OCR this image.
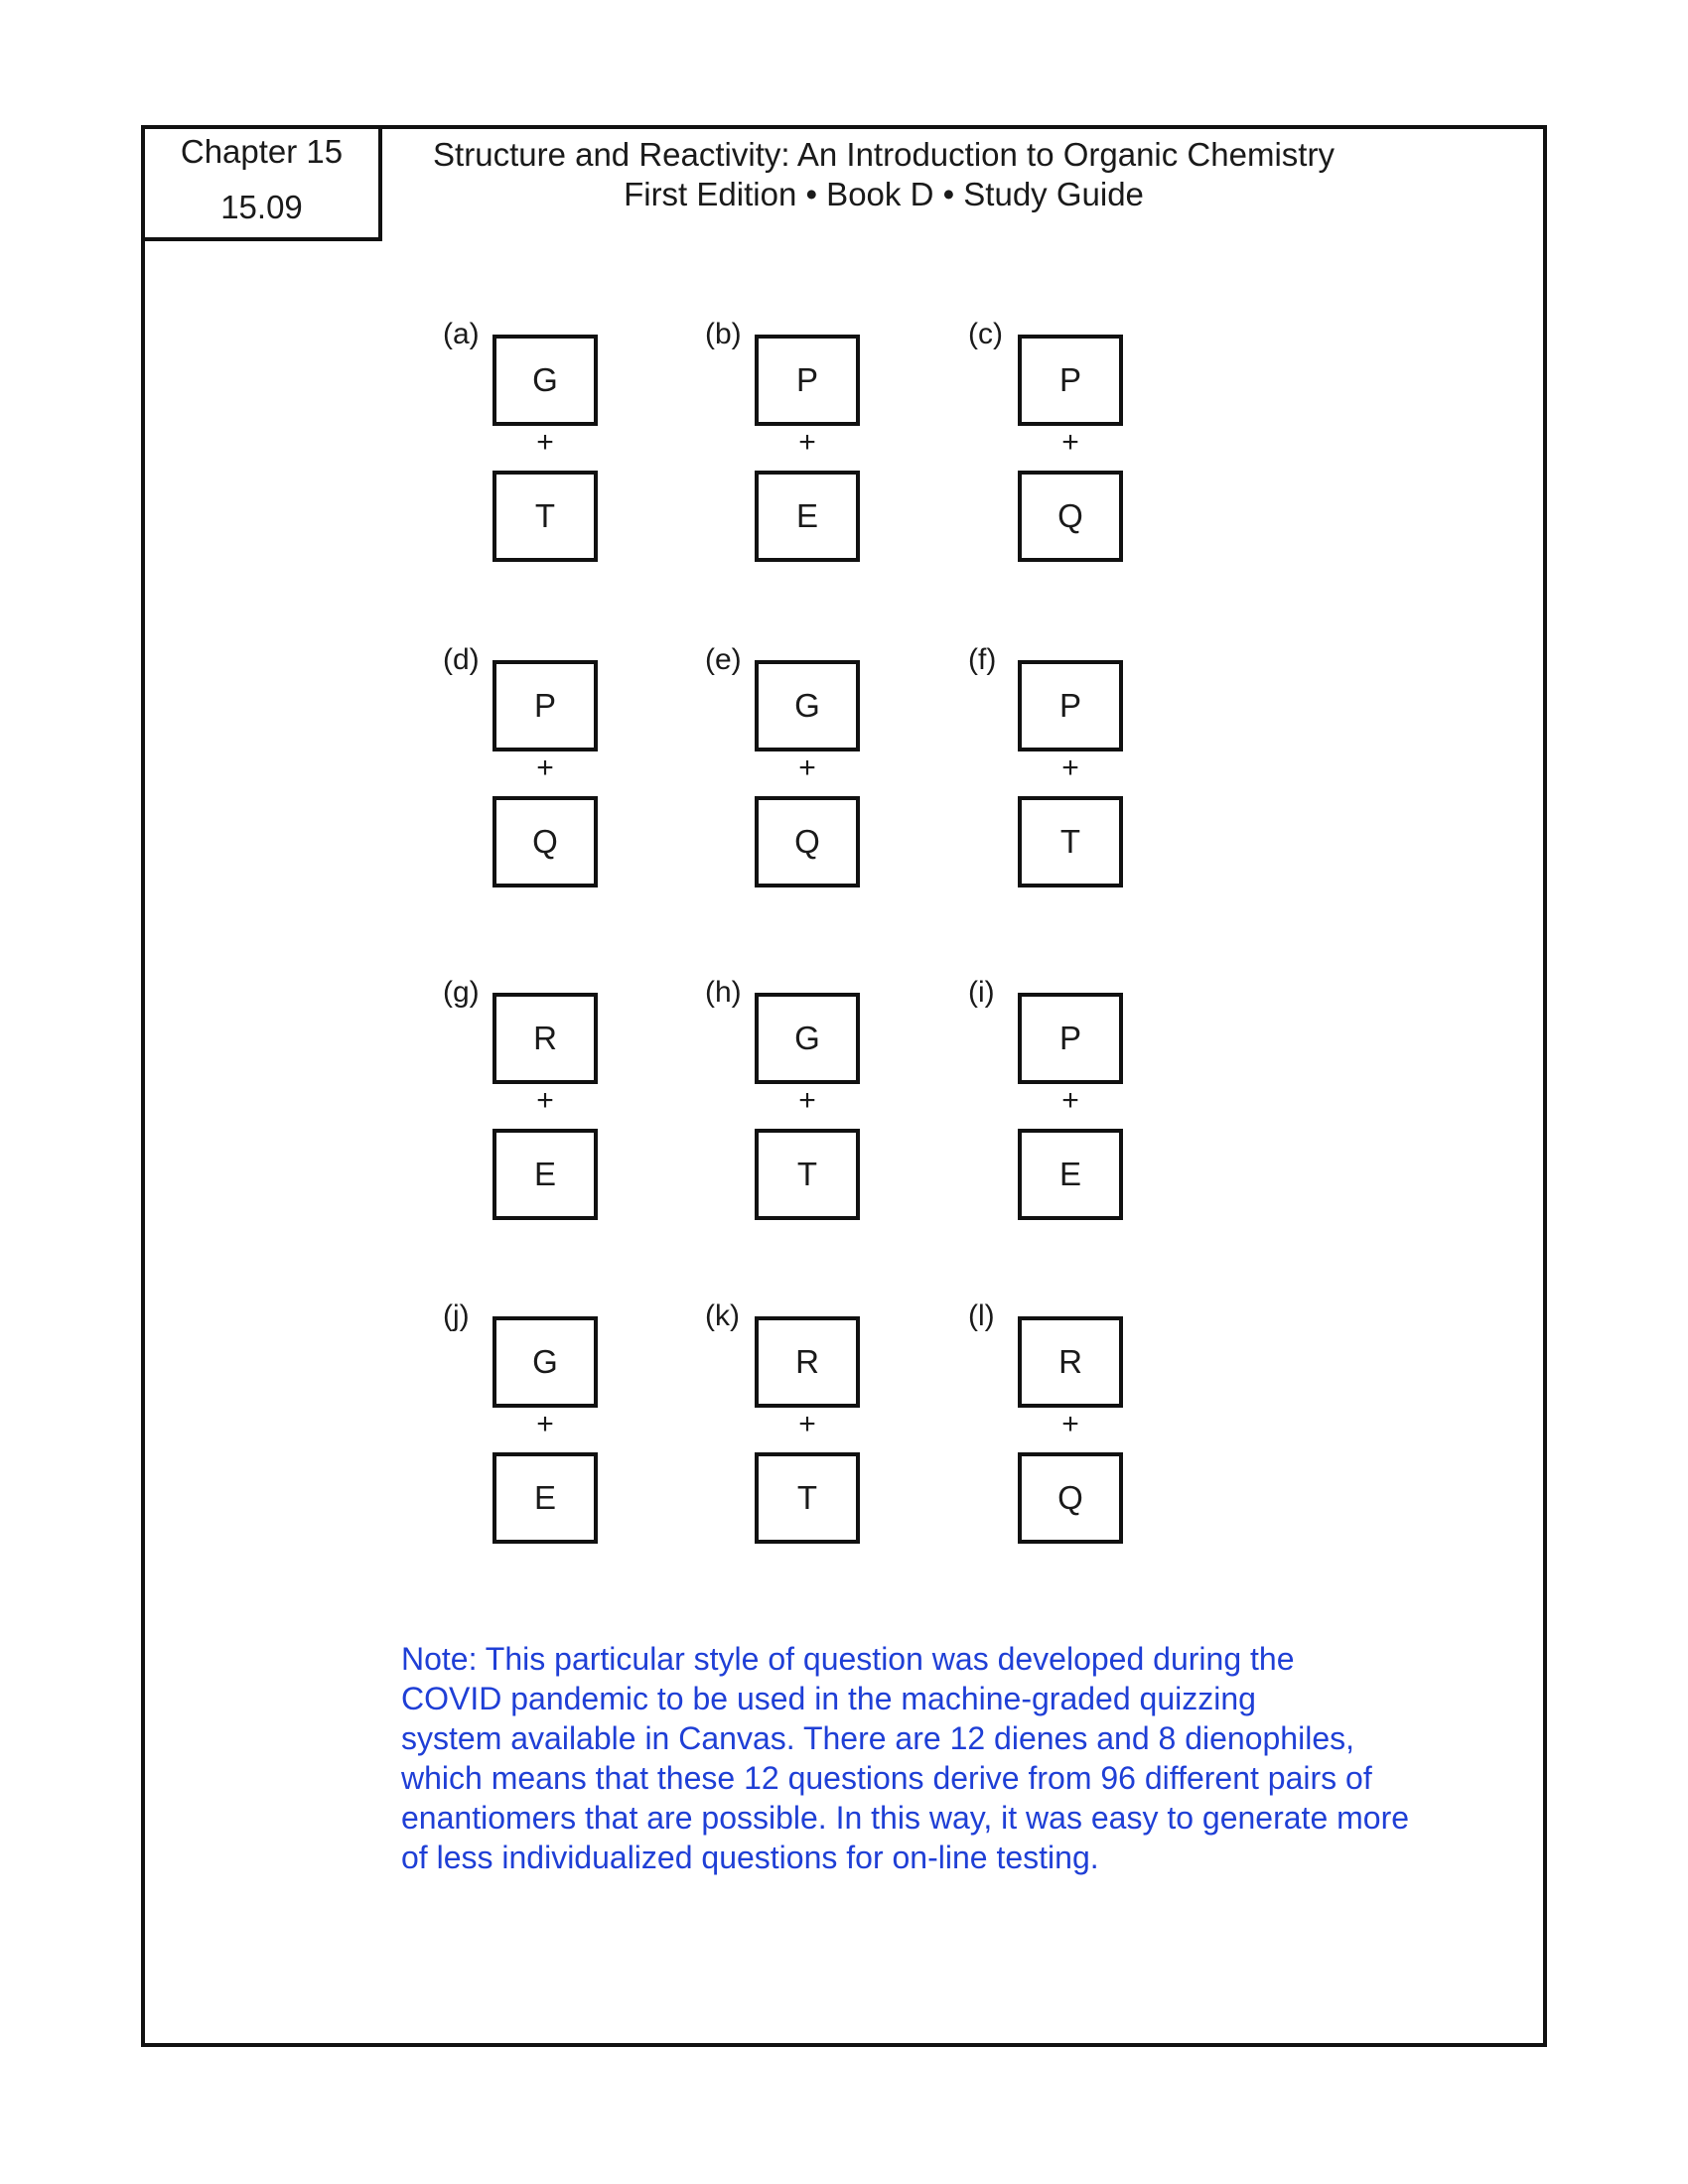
Chapter 15
15.09
Structure and Reactivity: An Introduction to Organic Chemistry
First Edition • Book D • Study Guide
(a)
G
+
T
(b)
P
+
E
(c)
P
+
Q
(d)
P
+
Q
(e)
G
+
Q
(f)
P
+
T
(g)
R
+
E
(h)
G
+
T
(i)
P
+
E
(j)
G
+
E
(k)
R
+
T
(l)
R
+
Q
Note: This particular style of question was developed during the
COVID pandemic to be used in the machine-graded quizzing
system available in Canvas. There are 12 dienes and 8 dienophiles,
which means that these 12 questions derive from 96 different pairs of
enantiomers that are possible. In this way, it was easy to generate more
of less individualized questions for on-line testing.
